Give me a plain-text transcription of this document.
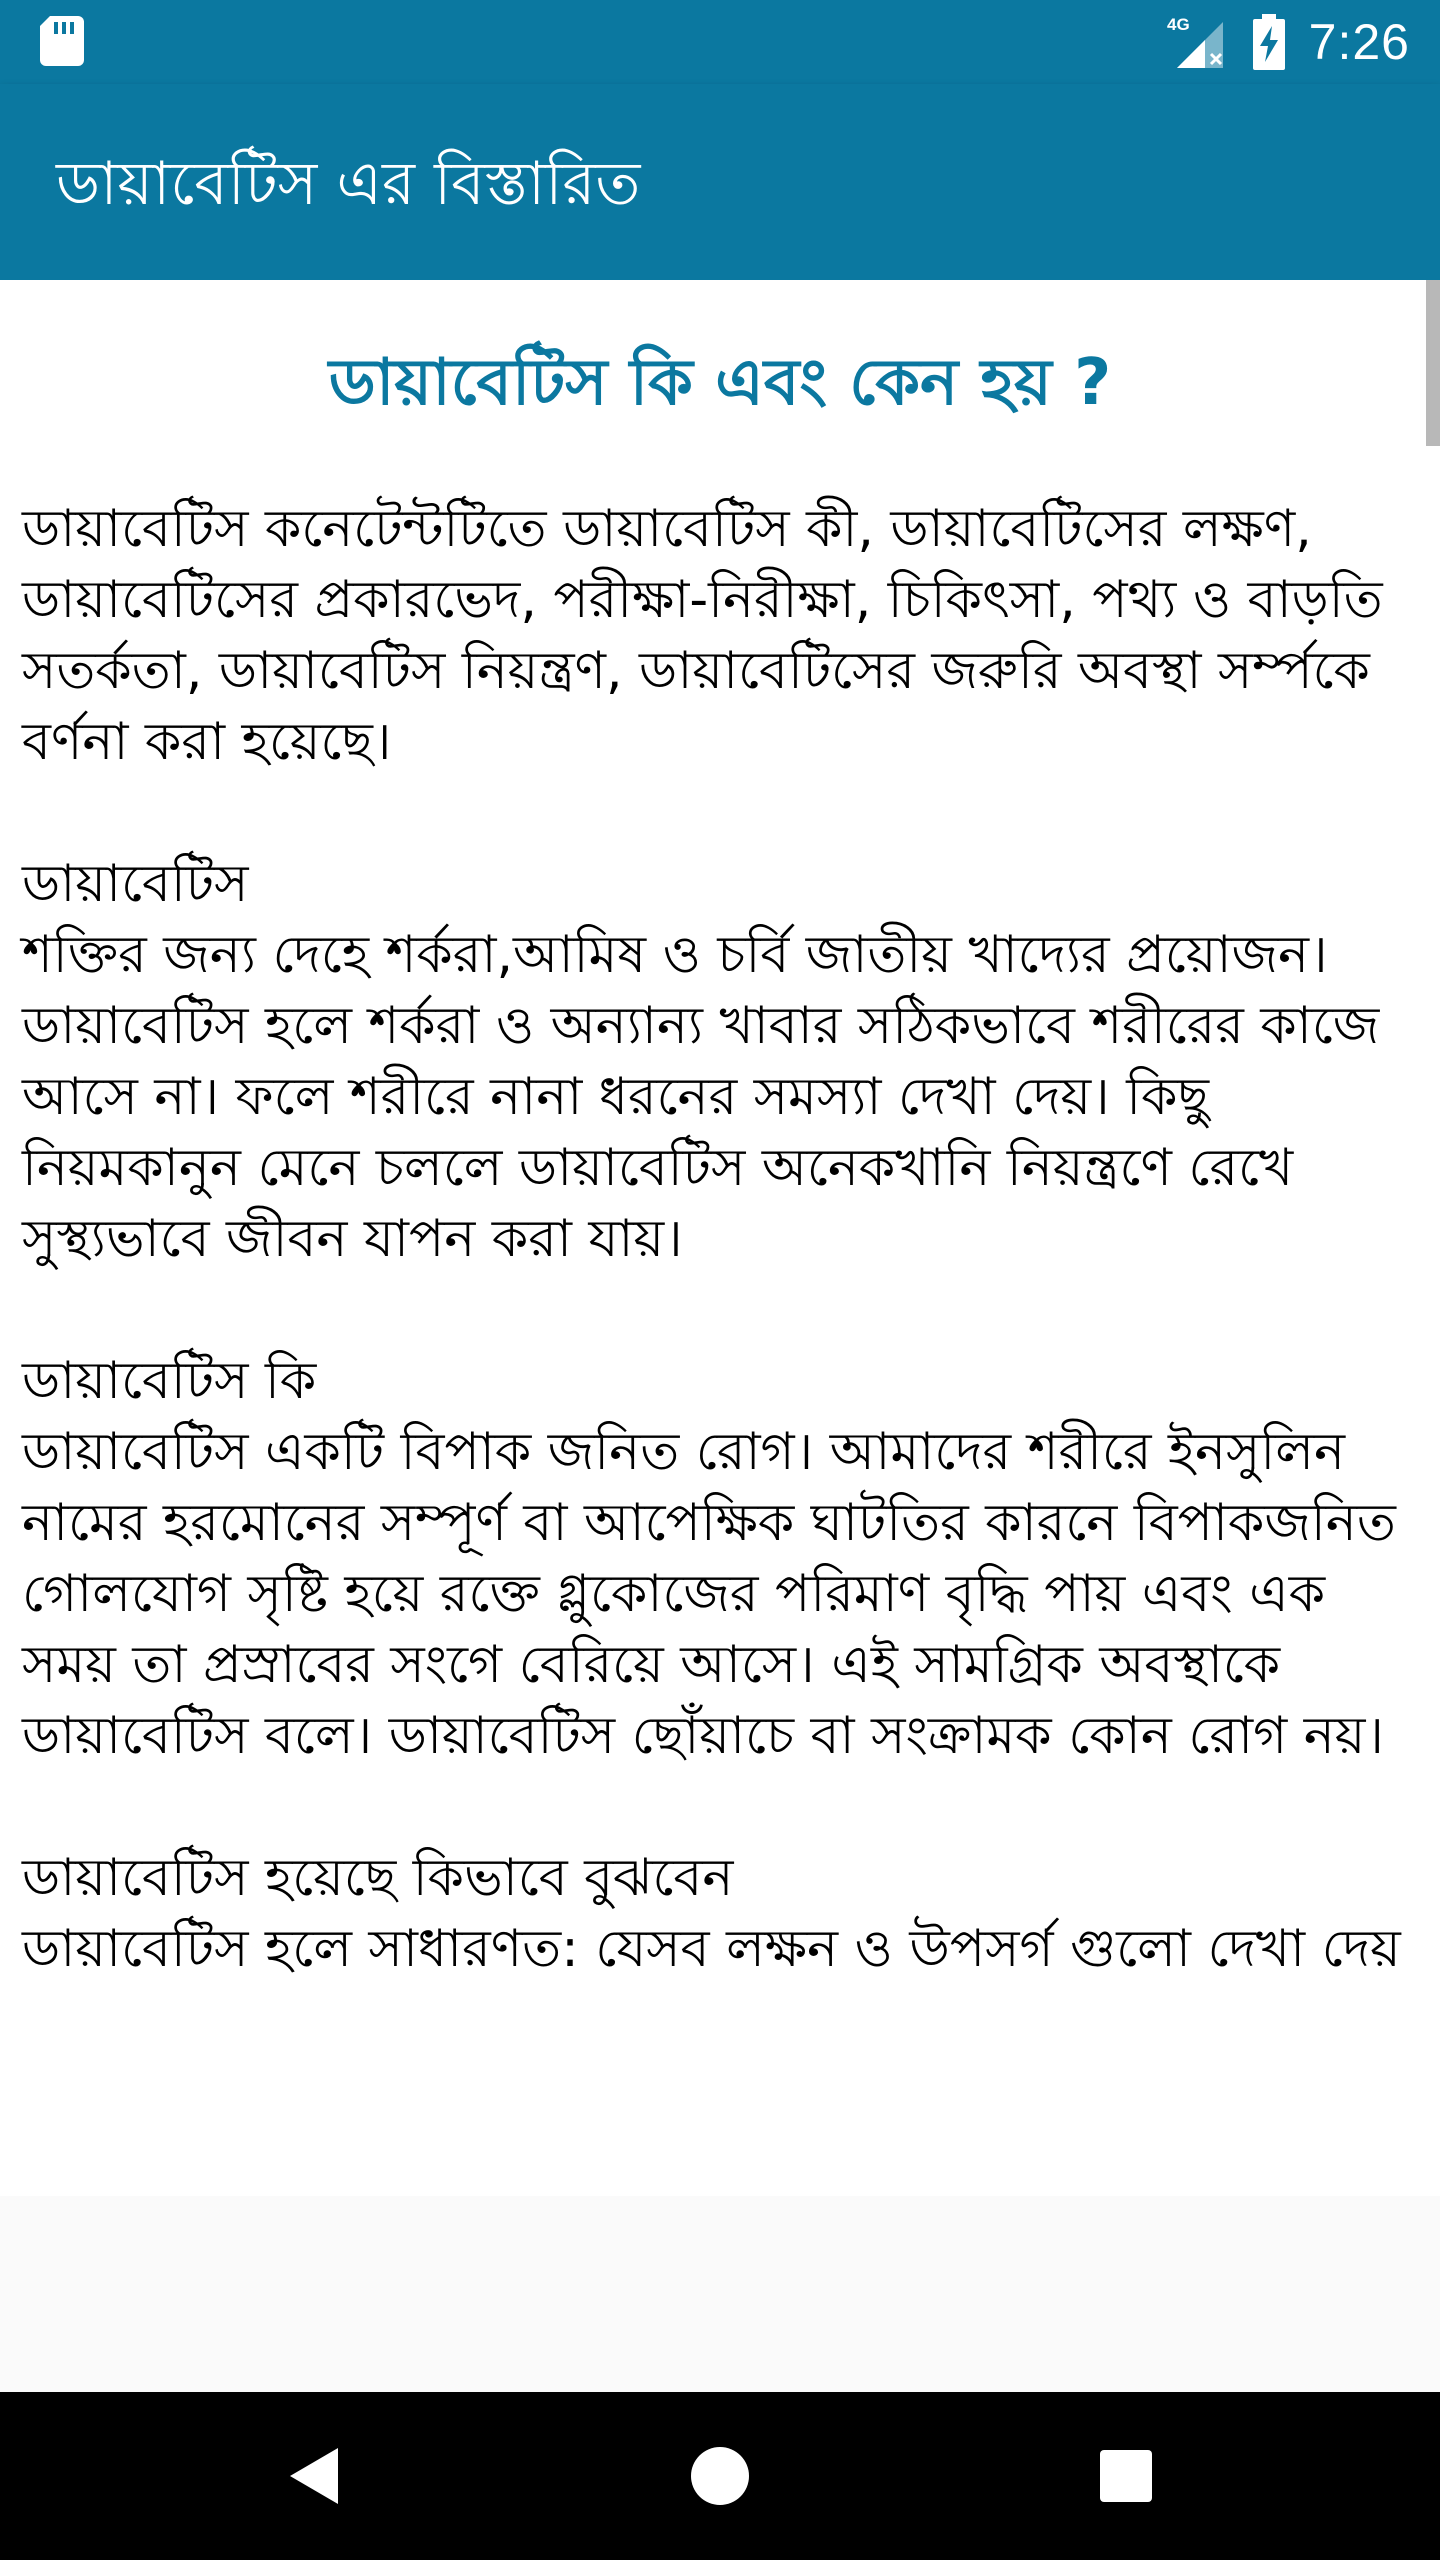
4G 7:26
ডায়াবেটিস এর বিস্তারিত
ডায়াবেটিস কি এবং কেন হয় ?
ডায়াবেটিস কনেটেন্টটিতে ডায়াবেটিস কী, ডায়াবেটিসের লক্ষণ, ডায়াবেটিসের প্রকারভেদ, পরীক্ষা-নিরীক্ষা, চিকিৎসা, পথ্য ও বাড়তি সতর্কতা, ডায়াবেটিস নিয়ন্ত্রণ, ডায়াবেটিসের জরুরি অবস্থা সর্ম্পকে বর্ণনা করা হয়েছে।

ডায়াবেটিস
শক্তির জন্য দেহে শর্করা,আমিষ ও চর্বি জাতীয় খাদ্যের প্রয়োজন। ডায়াবেটিস হলে শর্করা ও অন্যান্য খাবার সঠিকভাবে শরীরের কাজে আসে না। ফলে শরীরে নানা ধরনের সমস্যা দেখা দেয়। কিছু নিয়মকানুন মেনে চললে ডায়াবেটিস অনেকখানি নিয়ন্ত্রণে রেখে সুস্থ্যভাবে জীবন যাপন করা যায়।

ডায়াবেটিস কি
ডায়াবেটিস একটি বিপাক জনিত রোগ। আমাদের শরীরে ইনসুলিন নামের হরমোনের সম্পূর্ণ বা আপেক্ষিক ঘাটতির কারনে বিপাকজনিত গোলযোগ সৃষ্টি হয়ে রক্তে গ্লুকোজের পরিমাণ বৃদ্ধি পায় এবং এক সময় তা প্রস্রাবের সংগে বেরিয়ে আসে। এই সামগ্রিক অবস্থাকে ডায়াবেটিস বলে। ডায়াবেটিস ছোঁয়াচে বা সংক্রামক কোন রোগ নয়।

ডায়াবেটিস হয়েছে কিভাবে বুঝবেন
ডায়াবেটিস হলে সাধারণত: যেসব লক্ষন ও উপসর্গ গুলো দেখা দেয়
